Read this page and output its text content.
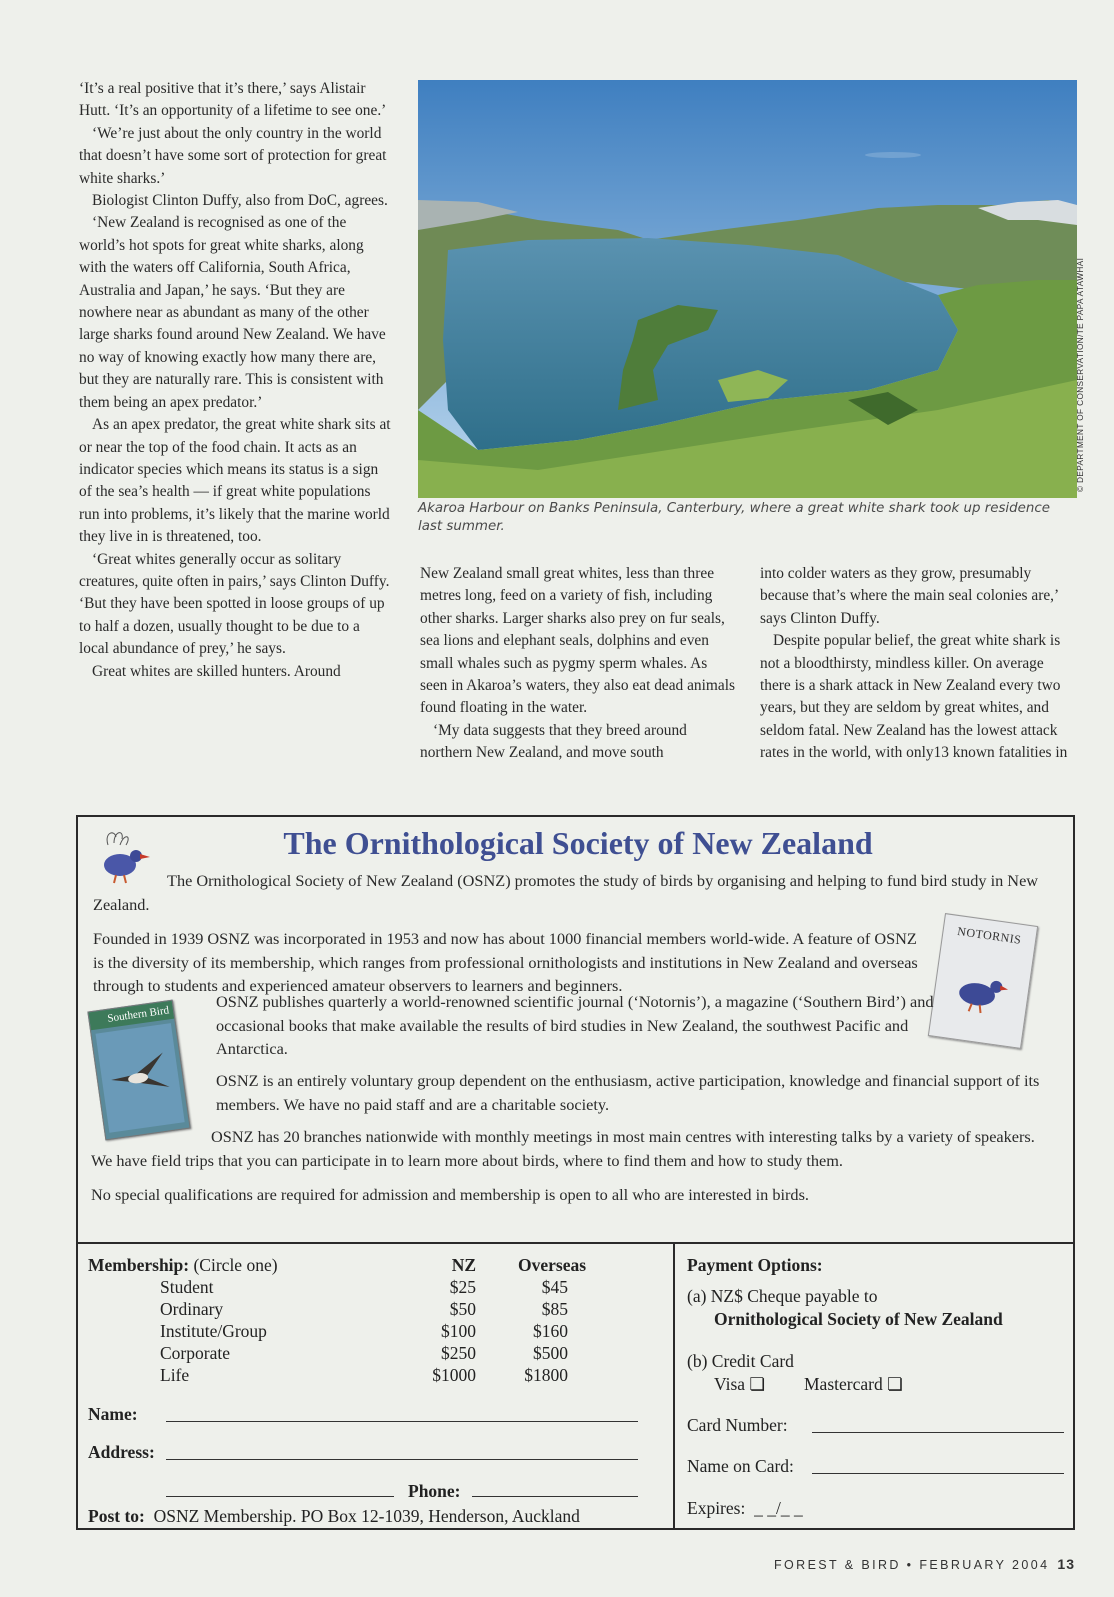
‘It’s a real positive that it’s there,’ says Alistair Hutt. ‘It’s an opportunity of a lifetime to see one.’

‘We’re just about the only country in the world that doesn’t have some sort of protection for great white sharks.’

Biologist Clinton Duffy, also from DoC, agrees.

‘New Zealand is recognised as one of the world’s hot spots for great white sharks, along with the waters off California, South Africa, Australia and Japan,’ he says. ‘But they are nowhere near as abundant as many of the other large sharks found around New Zealand. We have no way of knowing exactly how many there are, but they are naturally rare. This is consistent with them being an apex predator.’

As an apex predator, the great white shark sits at or near the top of the food chain. It acts as an indicator species which means its status is a sign of the sea’s health — if great white populations run into problems, it’s likely that the marine world they live in is threatened, too.

‘Great whites generally occur as solitary creatures, quite often in pairs,’ says Clinton Duffy. ‘But they have been spotted in loose groups of up to half a dozen, usually thought to be due to a local abundance of prey,’ he says.

Great whites are skilled hunters. Around

New Zealand small great whites, less than three metres long, feed on a variety of fish, including other sharks. Larger sharks also prey on fur seals, sea lions and elephant seals, dolphins and even small whales such as pygmy sperm whales. As seen in Akaroa’s waters, they also eat dead animals found floating in the water.

‘My data suggests that they breed around northern New Zealand, and move south

into colder waters as they grow, presumably because that’s where the main seal colonies are,’ says Clinton Duffy.

Despite popular belief, the great white shark is not a bloodthirsty, mindless killer. On average there is a shark attack in New Zealand every two years, but they are seldom by great whites, and seldom fatal. New Zealand has the lowest attack rates in the world, with only13 known fatalities in

© DEPARTMENT OF CONSERVATION/TE PAPA ATAWHAI
Akaroa Harbour on Banks Peninsula, Canterbury, where a great white shark took up residence last summer.
The Ornithological Society of New Zealand

The Ornithological Society of New Zealand (OSNZ) promotes the study of birds by organising and helping to fund bird study in New Zealand.

Founded in 1939 OSNZ was incorporated in 1953 and now has about 1000 financial members world-wide. A feature of OSNZ is the diversity of its membership, which ranges from professional ornithologists and institutions in New Zealand and overseas through to students and experienced amateur observers to learners and beginners.

NOTORNIS
Southern Bird

OSNZ publishes quarterly a world-renowned scientific journal (‘Notornis’), a magazine (‘Southern Bird’) and occasional books that make available the results of bird studies in New Zealand, the southwest Pacific and Antarctica.

OSNZ is an entirely voluntary group dependent on the enthusiasm, active participation, knowledge and financial support of its members. We have no paid staff and are a charitable society.

OSNZ has 20 branches nationwide with monthly meetings in most main centres with interesting talks by a variety of speakers. We have field trips that you can participate in to learn more about birds, where to find them and how to study them.

No special qualifications are required for admission and membership is open to all who are interested in birds.

Membership: (Circle one)	NZ Overseas
Student	$25	$45
Ordinary	$50	$85
Institute/Group	$100	$160
Corporate	$250	$500
Life	$1000	$1800
Name:
Address:
Phone:
Post to: OSNZ Membership. PO Box 12-1039, Henderson, Auckland
Payment Options:
(a) NZ$ Cheque payable to
Ornithological Society of New Zealand
(b) Credit Card
Visa ❏ Mastercard ❏
Card Number:
Name on Card:
Expires: _ _/_ _
FOREST & BIRD • FEBRUARY 2004 13
